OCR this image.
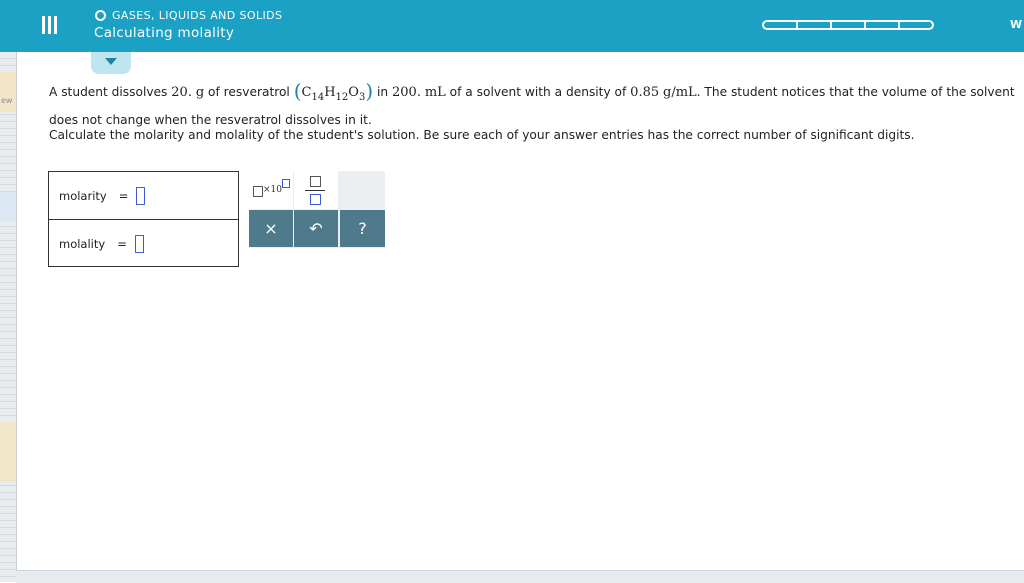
ew
GASES, LIQUIDS AND SOLIDS
Calculating molality
W
A student dissolves 20. g of resveratrol $(C_{14}H_{12}O_3)$ in 200. mL of a solvent with a density of 0.85 g/mL. The student notices that the volume of the solvent does not change when the resveratrol dissolves in it.
Calculate the molarity and molality of the student's solution. Be sure each of your answer entries has the correct number of significant digits.
molarity =
molality =
×10
× ↶ ?
